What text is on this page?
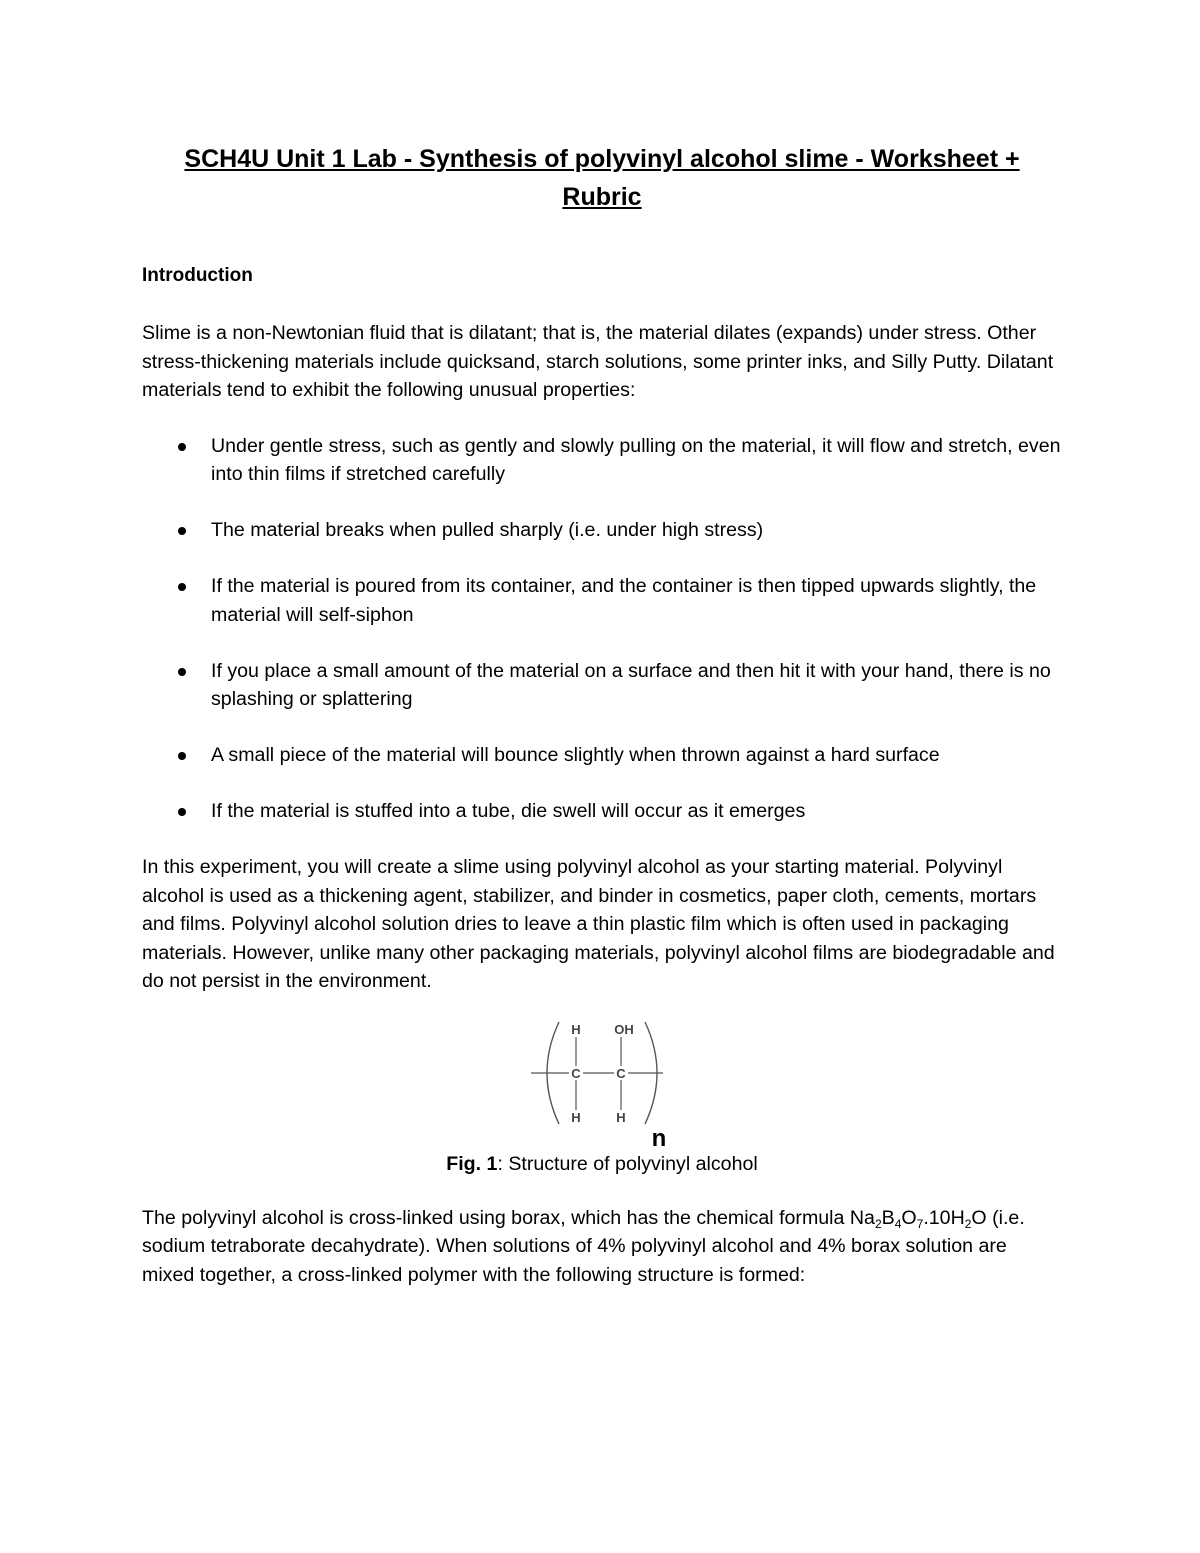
SCH4U Unit 1 Lab - Synthesis of polyvinyl alcohol slime - Worksheet + Rubric
Introduction

Slime is a non-Newtonian fluid that is dilatant; that is, the material dilates (expands) under stress. Other stress-thickening materials include quicksand, starch solutions, some printer inks, and Silly Putty. Dilatant materials tend to exhibit the following unusual properties:

Under gentle stress, such as gently and slowly pulling on the material, it will flow and stretch, even into thin films if stretched carefully
The material breaks when pulled sharply (i.e. under high stress)
If the material is poured from its container, and the container is then tipped upwards slightly, the material will self-siphon
If you place a small amount of the material on a surface and then hit it with your hand, there is no splashing or splattering
A small piece of the material will bounce slightly when thrown against a hard surface
If the material is stuffed into a tube, die swell will occur as it emerges

In this experiment, you will create a slime using polyvinyl alcohol as your starting material. Polyvinyl alcohol is used as a thickening agent, stabilizer, and binder in cosmetics, paper cloth, cements, mortars and films. Polyvinyl alcohol solution dries to leave a thin plastic film which is often used in packaging materials. However, unlike many other packaging materials, polyvinyl alcohol films are biodegradable and do not persist in the environment.

H	OH
C	C
H	H
n

Fig. 1: Structure of polyvinyl alcohol

The polyvinyl alcohol is cross-linked using borax, which has the chemical formula $Na_2B_4O_7.10H_2O$ (i.e. sodium tetraborate decahydrate). When solutions of 4% polyvinyl alcohol and 4% borax solution are mixed together, a cross-linked polymer with the following structure is formed:
